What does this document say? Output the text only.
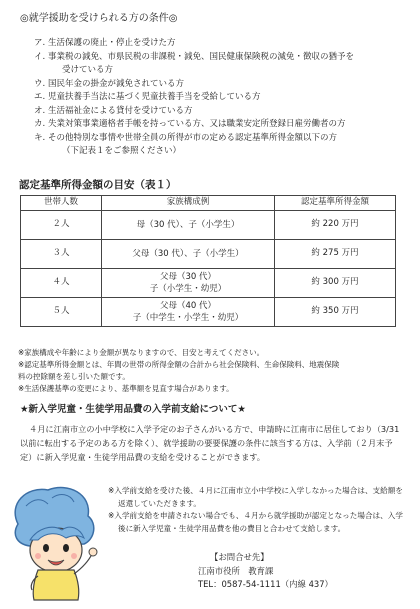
◎就学援助を受けられる方の条件◎
ア. 生活保護の廃止・停止を受けた方
イ. 事業税の減免、市県民税の非課税・減免、国民健康保険税の減免・徴収の猶予を
受けている方
ウ. 国民年金の掛金が減免されている方
エ. 児童扶養手当法に基づく児童扶養手当を受給している方
オ. 生活福祉金による貸付を受けている方
カ. 失業対策事業適格者手帳を持っている方、又は職業安定所登録日雇労働者の方
キ. その他特別な事情や世帯全員の所得が市の定める認定基準所得金額以下の方
（下記表１をご参照ください）
認定基準所得金額の目安（表１）
世帯人数	家族構成例	認定基準所得金額
２人	母（30 代）、子（小学生）	約 220 万円
３人	父母（30 代）、子（小学生）	約 275 万円
４人	父母（30 代）
子（小学生・幼児）	約 300 万円
５人	父母（40 代）
子（中学生・小学生・幼児）	約 350 万円
※家族構成や年齢により金額が異なりますので、目安と考えてください。
※認定基準所得金額とは、年間の世帯の所得金額の合計から社会保険料、生命保険料、地震保険
料の控除額を差し引いた額です。
※生活保護基準の変更により、基準額を見直す場合があります。
★新入学児童・生徒学用品費の入学前支給について★
４月に江南市立の小中学校に入学予定のお子さんがいる方で、申請時に江南市に居住しており（3/31 以前に転出する予定のある方を除く）、就学援助の要要保護の条件に該当する方は、入学前（２月末予定）に新入学児童・生徒学用品費の支給を受けることができます。
※入学前支給を受けた後、４月に江南市立小中学校に入学しなかった場合は、支給額を返還していただきます。
※入学前支給を申請されない場合でも、４月から就学援助が認定となった場合は、入学後に新入学児童・生徒学用品費を他の費目と合わせて支給します。
【お問合せ先】
江南市役所　教育課
TEL：0587-54-1111（内線 437）
